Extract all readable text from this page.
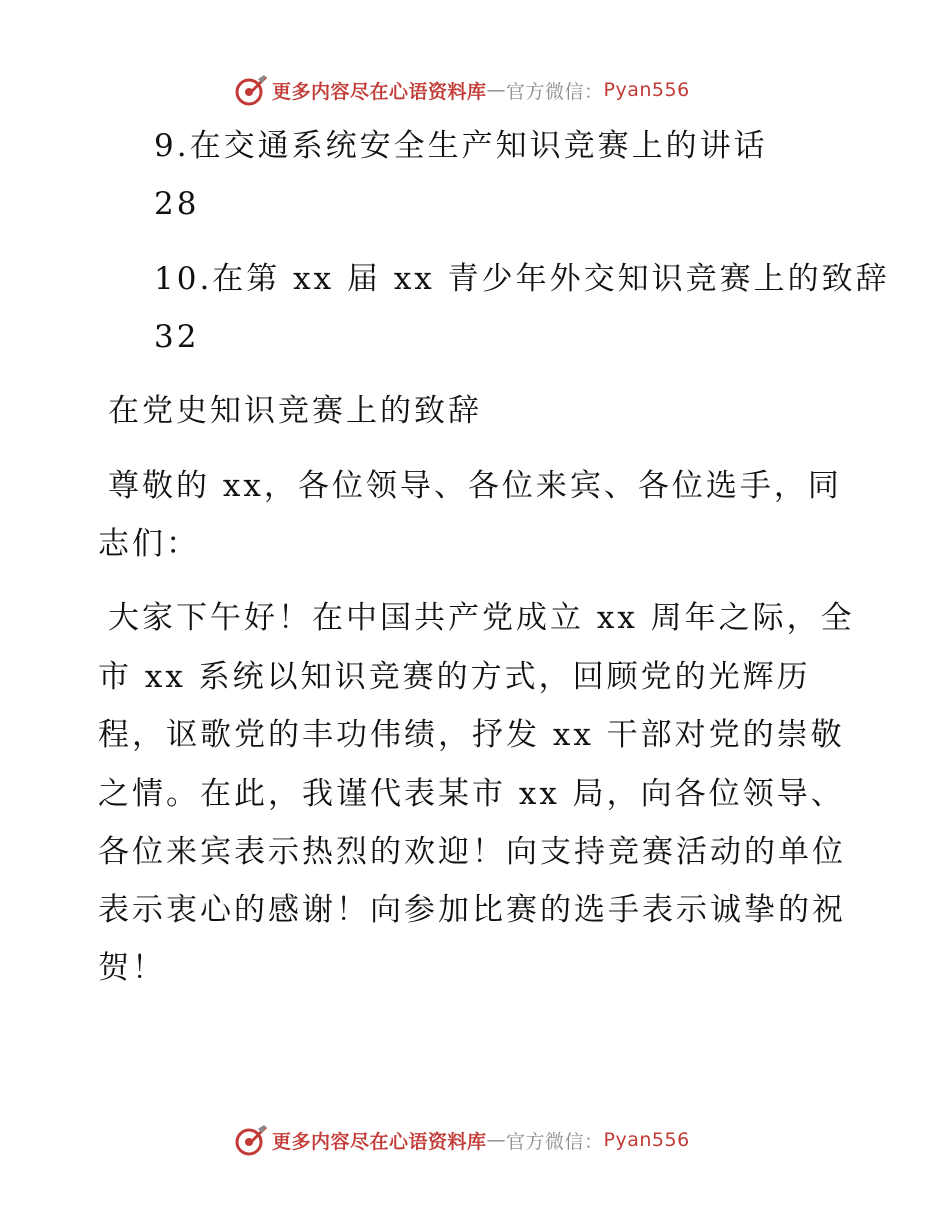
更多内容尽在心语资料库 — 官方微信： Pyan556
9.在交通系统安全生产知识竞赛上的讲话
28
10.在第 xx 届 xx 青少年外交知识竞赛上的致辞
32
在党史知识竞赛上的致辞
尊敬的 xx，各位领导、各位来宾、各位选手，同
志们：
大家下午好！在中国共产党成立 xx 周年之际，全
市 xx 系统以知识竞赛的方式，回顾党的光辉历
程，讴歌党的丰功伟绩，抒发 xx 干部对党的崇敬
之情。在此，我谨代表某市 xx 局，向各位领导、
各位来宾表示热烈的欢迎！向支持竞赛活动的单位
表示衷心的感谢！向参加比赛的选手表示诚挚的祝
贺！
更多内容尽在心语资料库 — 官方微信： Pyan556
